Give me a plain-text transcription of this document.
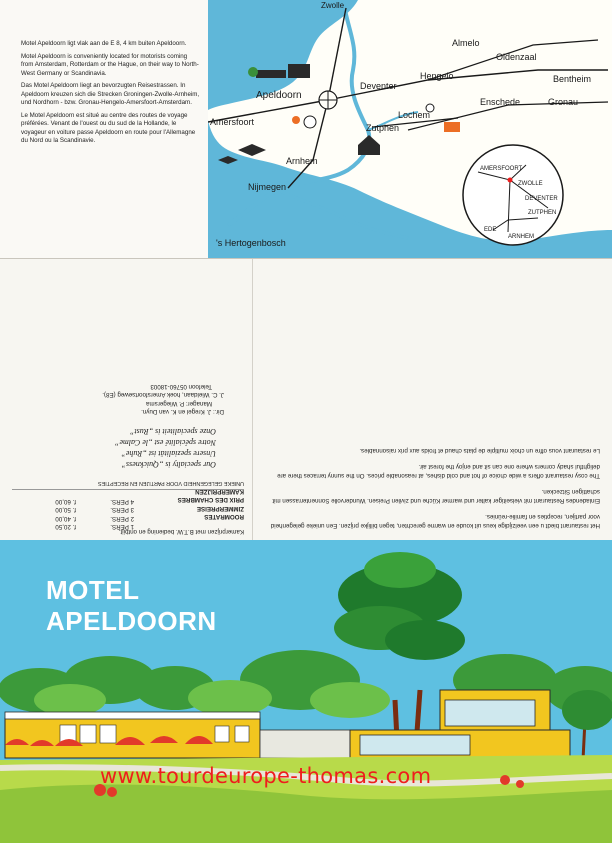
Motel Apeldoorn ligt vlak aan de E 8, 4 km buiten Apeldoorn.

Motel Apeldoorn is conveniently located for motorists coming from Amsterdam, Rotterdam or the Hague, on their way to North-West Germany or Scandinavia.

Das Motel Apeldoorn liegt an bevorzugten Reisestrassen. In Apeldoorn kreuzen sich die Strecken Groningen-Zwolle-Arnheim, und Nordhorn - bzw. Gronau-Hengelo-Amersfoort-Amsterdam.

Le Motel Apeldoorn est situé au centre des routes de voyage préférées. Venant de l'ouest ou du sud de la Hollande, le voyageur en voiture passe Apeldoorn en route pour l'Allemagne du Nord ou la Scandinavie.

Zwolle
Almelo
Oldenzaal
Bentheim
Hengelo
Apeldoorn
Deventer
Enschede	Gronau
Amersfoort
Lochem
Zutphen
Arnhem
Nijmegen
's Hertogenbosch
AMERSFOORT
ZWOLLE
DEVENTER
ZUTPHEN
EDE
ARNHEM
Kamerprijzen met B.T.W. bediening en ontbijt.
ROOMRATES
ZIMMERPREISE
PRIX DES CHAMBRES
KAMERPRIJZEN
1 PERS.
f. 20,50
2 PERS.
f. 40,00
3 PERS.
f. 50,00
4 PERS.
f. 60,00
UNIEKE GELEGENHEID VOOR PARTIJEN EN RECEPTIES
Our specialty is „Quickness”
Unsere spezialität ist „Ruhe”
Notre spécialité est „le Calme”
Onze specialiteit is „Rust”
Dir.: J. Kregel en K. van Duyn.
Manager: P. Wiegersma
J. C. Wieldaan, hoek Amersfoortseweg (E8).
Telefoon 05760-18003

Het restaurant biedt u een veelzijdige keus uit koude en warme gerechten, tegen billijke prijzen. Een unieke gelegenheid voor partijen, recepties en familie-reünies.

Einladendes Restaurant mit vielseitiger kalter und warmer Küche und zivilen Preisen. Wundervolle Sonnenterrassen mit schattigen Sitzecken.

The cosy restaurant offers a wide choice of hot and cold dishes, at reasonable prices. On the sunny terraces there are delightful shady corners where one can sit and enjoy the forest air.

Le restaurant vous offre un choix multiple de plats chaud et froids aux prix raisonnables.

MOTEL
APELDOORN
www.tourdeurope-thomas.com
